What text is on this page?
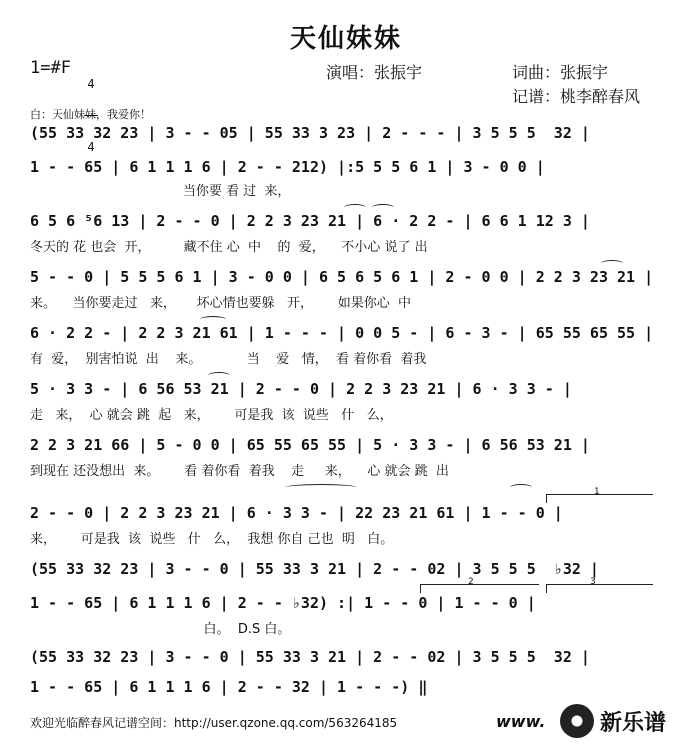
天仙妹妹
1=#F

4

4

演唱：张振宇	词曲：张振宇
记谱：桃李醉春风
白：天仙妹妹，我爱你！
(55 33 32 23 | 3 - - 05 | 55 33 3 23 | 2 - - - | 3 5 5 5  32 |
1 - - 65 | 6 1 1 1 6 | 2 - - 212) |:5 5 5 6 1 | 3 - 0 0 |
当你要 看 过  来，
6 5 6 ⁵6 13 | 2 - - 0 | 2 2 3 23 21 | 6 · 2 2 - | 6 6 1 12 3 |
冬天的 花 也会  开，        藏不住 心  中    的  爱，    不小心 说了 出
5 - - 0 | 5 5 5 6 1 | 3 - 0 0 | 6 5 6 5 6 1 | 2 - 0 0 | 2 2 3 23 21 |
来。    当你要走过   来，     坏心情也要躲   开，      如果你心  中
6 · 2 2 - | 2 2 3 21 61 | 1 - - - | 0 0 5 - | 6 - 3 - | 65 55 65 55 |
有  爱，  别害怕说  出    来。           当    爱   情，  看 着你看  着我
5 · 3 3 - | 6 56 53 21 | 2 - - 0 | 2 2 3 23 21 | 6 · 3 3 - |
走   来，  心 就会 跳  起   来，      可是我  该  说些   什   么，
2 2 3 21 66 | 5 - 0 0 | 65 55 65 55 | 5 · 3 3 - | 6 56 53 21 |
到现在 还没想出  来。      看 着你看  着我    走     来，    心 就会 跳  出
2 - - 0 | 2 2 3 23 21 | 6 · 3 3 - | 22 23 21 61 | 1 - - 0 |
来，      可是我  该  说些   什   么，  我想 你自 己也  明   白。
(55 33 32 23 | 3 - - 0 | 55 33 3 21 | 2 - - 02 | 3 5 5 5  ♭32 |
1 - - 65 | 6 1 1 1 6 | 2 - - ♭32) :| 1 - - 0 | 1 - - 0 |
白。  D.S 白。
(55 33 32 23 | 3 - - 0 | 55 33 3 21 | 2 - - 02 | 3 5 5 5  32 |
1 - - 65 | 6 1 1 1 6 | 2 - - 32 | 1 - - -) ‖
1
2	3
欢迎光临醉春风记谱空间：http://user.qzone.qq.com/563264185	www.

新乐谱
